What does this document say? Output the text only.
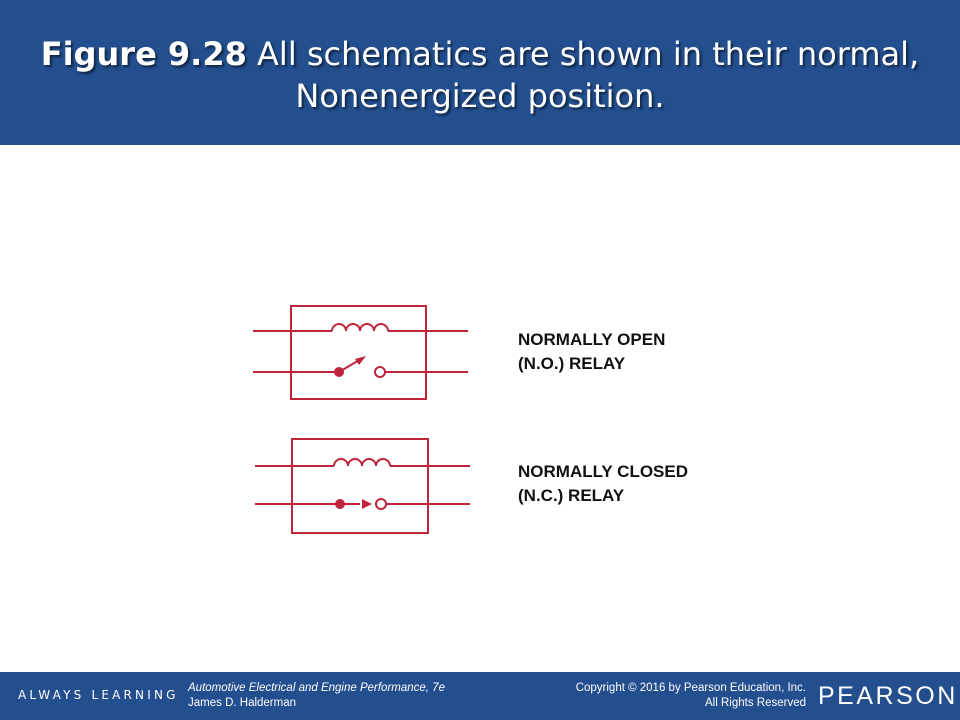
Figure 9.28 All schematics are shown in their normal, Nonenergized position.
NORMALLY OPEN
(N.O.) RELAY
NORMALLY CLOSED
(N.C.) RELAY
ALWAYS LEARNING Automotive Electrical and Engine Performance, 7e
James D. Halderman
Copyright © 2016 by Pearson Education, Inc.
All Rights Reserved PEARSON
